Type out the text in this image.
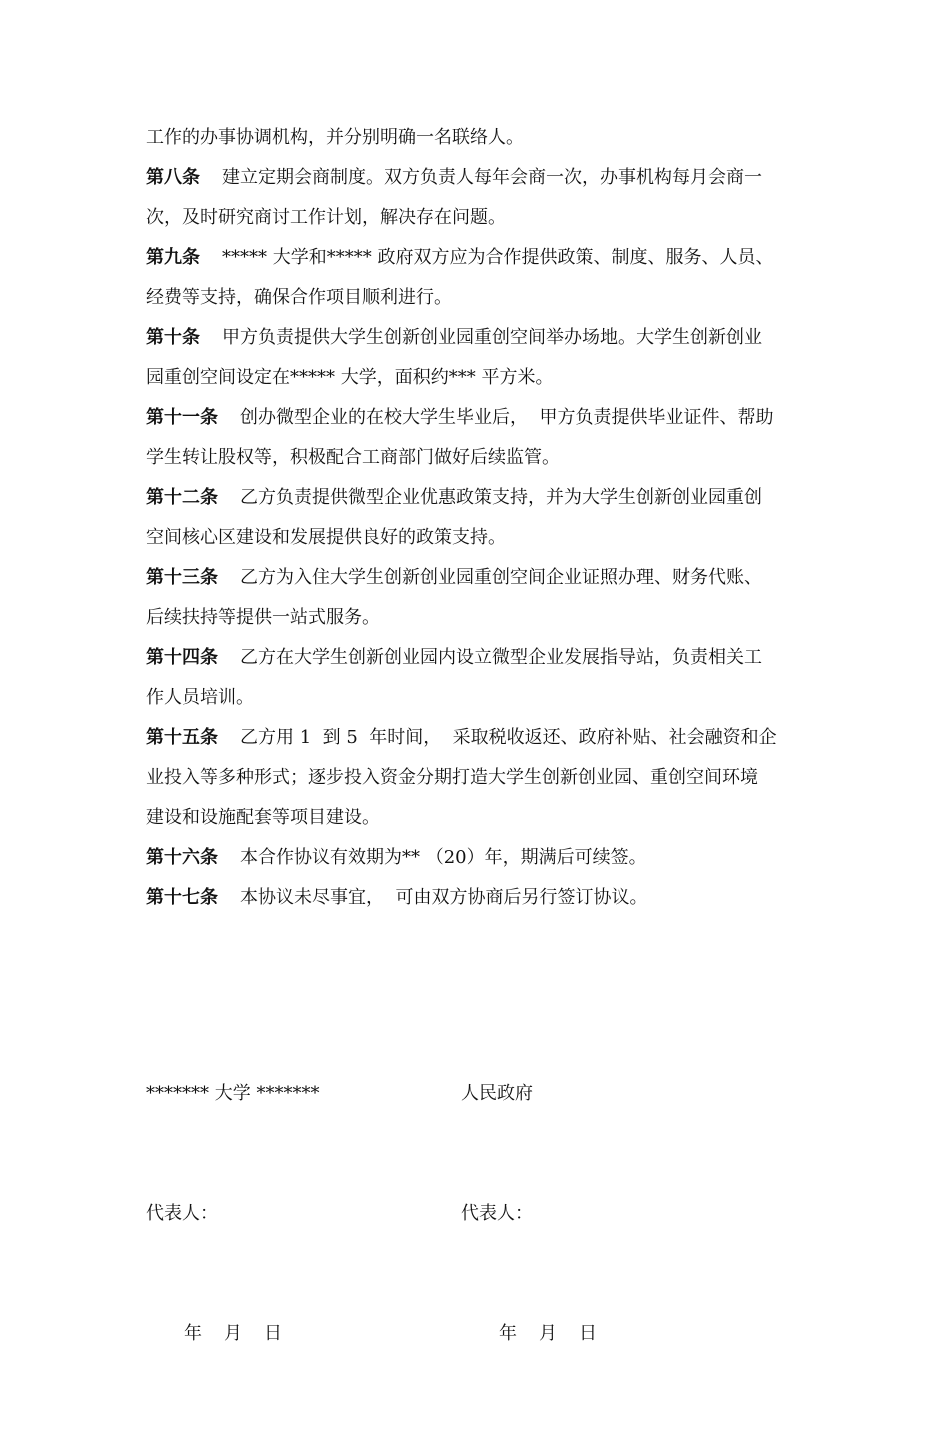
工作的办事协调机构，并分别明确一名联络人。
第八条 建立定期会商制度。双方负责人每年会商一次，办事机构每月会商一
次，及时研究商讨工作计划，解决存在问题。
第九条 ***** 大学和***** 政府双方应为合作提供政策、制度、服务、人员、
经费等支持，确保合作项目顺利进行。
第十条 甲方负责提供大学生创新创业园重创空间举办场地。大学生创新创业
园重创空间设定在***** 大学，面积约*** 平方米。
第十一条 创办微型企业的在校大学生毕业后，  甲方负责提供毕业证件、帮助
学生转让股权等，积极配合工商部门做好后续监管。
第十二条 乙方负责提供微型企业优惠政策支持，并为大学生创新创业园重创
空间核心区建设和发展提供良好的政策支持。
第十三条 乙方为入住大学生创新创业园重创空间企业证照办理、财务代账、
后续扶持等提供一站式服务。
第十四条 乙方在大学生创新创业园内设立微型企业发展指导站，负责相关工
作人员培训。
第十五条 乙方用 1  到 5  年时间，  采取税收返还、政府补贴、社会融资和企
业投入等多种形式；逐步投入资金分期打造大学生创新创业园、重创空间环境
建设和设施配套等项目建设。
第十六条 本合作协议有效期为** （20）年，期满后可续签。
第十七条 本协议未尽事宜，  可由双方协商后另行签订协议。

******* 大学 *******

代表人：

年 月 日

人民政府

代表人：

年 月 日
